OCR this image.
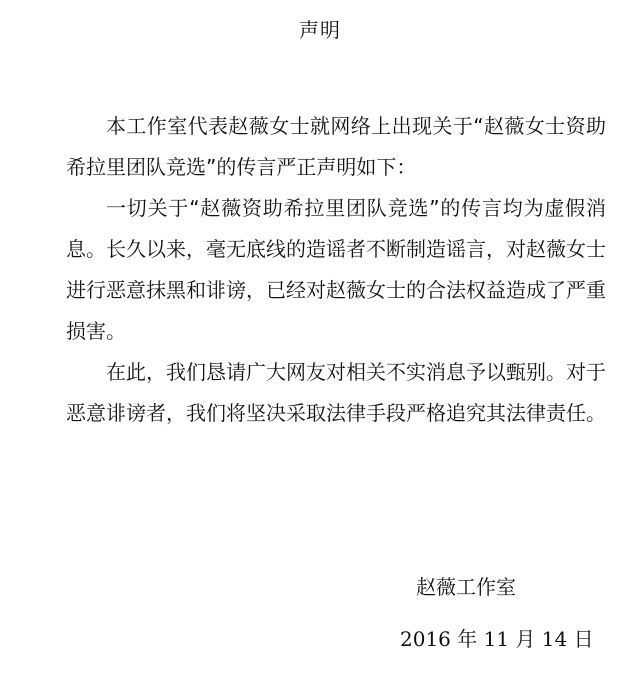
声明

本工作室代表赵薇女士就网络上出现关于“赵薇女士资助希拉里团队竞选”的传言严正声明如下：

一切关于“赵薇资助希拉里团队竞选”的传言均为虚假消息。长久以来，毫无底线的造谣者不断制造谣言，对赵薇女士进行恶意抹黑和诽谤，已经对赵薇女士的合法权益造成了严重损害。

在此，我们恳请广大网友对相关不实消息予以甄别。对于恶意诽谤者，我们将坚决采取法律手段严格追究其法律责任。

赵薇工作室
2016 年 11 月 14 日
